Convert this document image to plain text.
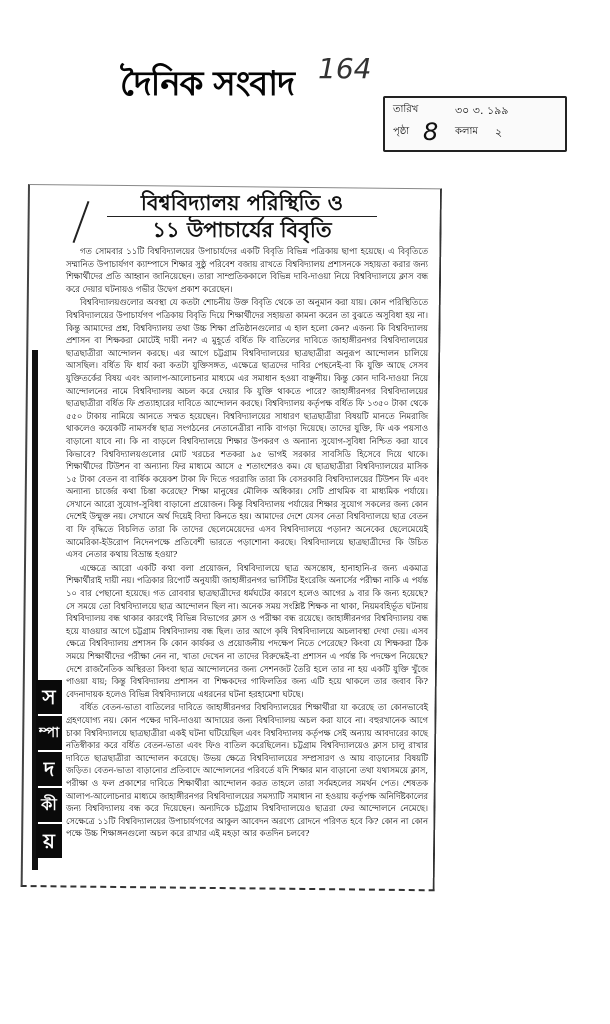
দৈনিক সংবাদ 164
তারিখ	৩০ ৩. ১৯৯
পৃষ্ঠা 8 কলাম ২
বিশ্ববিদ্যালয় পরিস্থিতি ও
১১ উপাচার্যের বিবৃতি
স
ম্পা
দ
কী
য়

গত সোমবার ১১টি বিশ্ববিদ্যালয়ের উপাচার্যদের একটি বিবৃতি বিভিন্ন পত্রিকায় ছাপা হয়েছে। এ বিবৃতিতে সম্মানিত উপাচার্যগণ ক্যাম্পাসে শিক্ষার সুষ্ঠু পরিবেশ বজায় রাখতে বিশ্ববিদ্যালয় প্রশাসনকে সহায়তা করার জন্য শিক্ষার্থীদের প্রতি আহ্বান জানিয়েছেন। তারা সাম্প্রতিককালে বিভিন্ন দাবি-দাওয়া নিয়ে বিশ্ববিদ্যালয়ে ক্লাস বন্ধ করে দেয়ার ঘটনায়ও গভীর উদ্বেগ প্রকাশ করেছেন।

বিশ্ববিদ্যালয়গুলোর অবস্থা যে কতটা শোচনীয় উক্ত বিবৃতি থেকে তা অনুমান করা যায়। কোন পরিস্থিতিতে বিশ্ববিদ্যালয়ের উপাচার্যগণ পত্রিকায় বিবৃতি দিয়ে শিক্ষার্থীদের সহায়তা কামনা করেন তা বুঝতে অসুবিধা হয় না। কিন্তু আমাদের প্রশ্ন, বিশ্ববিদ্যালয় তথা উচ্চ শিক্ষা প্রতিষ্ঠানগুলোর এ হাল হলো কেন? এজন্য কি বিশ্ববিদ্যালয় প্রশাসন বা শিক্ষকরা মোটেই দায়ী নন? এ মুহূর্তে বর্ধিত ফি বাতিলের দাবিতে জাহাঙ্গীরনগর বিশ্ববিদ্যালয়ের ছাত্রছাত্রীরা আন্দোলন করছে। এর আগে চট্টগ্রাম বিশ্ববিদ্যালয়ের ছাত্রছাত্রীরা অনুরূপ আন্দোলন চালিয়ে আসছিল। বর্ধিত ফি ধার্য করা কতটা যুক্তিসঙ্গত, এক্ষেত্রে ছাত্রদের দাবির পেছনেই-বা কি যুক্তি আছে সেসব যুক্তিতর্কের বিষয় এবং আলাপ-আলোচনার মাধ্যমে এর সমাধান হওয়া বাঞ্ছনীয়। কিন্তু কোন দাবি-দাওয়া নিয়ে আন্দোলনের নামে বিশ্ববিদ্যালয় অচল করে দেয়ার কি যুক্তি থাকতে পারে? জাহাঙ্গীরনগর বিশ্ববিদ্যালয়ের ছাত্রছাত্রীরা বর্ধিত ফি প্রত্যাহারের দাবিতে আন্দোলন করছে। বিশ্ববিদ্যালয় কর্তৃপক্ষ বর্ধিত ফি ১৩৫০ টাকা থেকে ৫৫০ টাকায় নামিয়ে আনতে সম্মত হয়েছেন। বিশ্ববিদ্যালয়ের সাধারণ ছাত্রছাত্রীরা বিষয়টি মানতে নিমরাজি থাকলেও কয়েকটি নামসর্বস্ব ছাত্র সংগঠনের নেতানেত্রীরা নাকি বাগড়া দিয়েছে। তাদের যুক্তি, ফি এক পয়সাও বাড়ানো যাবে না। কি না বাড়লে বিশ্ববিদ্যালয়ে শিক্ষার উপকরণ ও অন্যান্য সুযোগ-সুবিধা নিশ্চিত করা যাবে কিভাবে? বিশ্ববিদ্যালয়গুলোর মোট খরচের শতকরা ৯৫ ভাগই সরকার সাবসিডি হিসেবে দিয়ে থাকে। শিক্ষার্থীদের টিউশন বা অন্যান্য ফির মাধ্যমে আসে ৫ শতাংশেরও কম। যে ছাত্রছাত্রীরা বিশ্ববিদ্যালয়ের মাসিক ১৫ টাকা বেতন বা বার্ষিক কয়েকশ টাকা ফি দিতে গররাজি তারা কি বেসরকারি বিশ্ববিদ্যালয়ের টিউশন ফি এবং অন্যান্য চার্জের কথা চিন্তা করেছে? শিক্ষা মানুষের মৌলিক অধিকার। সেটি প্রাথমিক বা মাধ্যমিক পর্যায়ে। সেখানে আরো সুযোগ-সুবিধা বাড়ানো প্রয়োজন। কিন্তু বিশ্ববিদ্যালয় পর্যায়ের শিক্ষার সুযোগ সকলের জন্য কোন দেশেই উন্মুক্ত নয়। সেখানে অর্থ দিয়েই বিদ্যা কিনতে হয়। আমাদের দেশে যেসব নেতা বিশ্ববিদ্যালয়ে ছাত্র বেতন বা ফি বৃদ্ধিতে বিচলিত তারা কি তাদের ছেলেমেয়েদের এসব বিশ্ববিদ্যালয়ে পড়ান? অনেকের ছেলেমেয়েই আমেরিকা-ইউরোপ নিদেনপক্ষে প্রতিবেশী ভারতে পড়াশোনা করছে। বিশ্ববিদ্যালয়ে ছাত্রছাত্রীদের কি উচিত এসব নেতার কথায় বিভ্রান্ত হওয়া?

এক্ষেত্রে আরো একটি কথা বলা প্রয়োজন, বিশ্ববিদ্যালয়ে ছাত্র অসন্তোষ, হানাহানি-র জন্য একমাত্র শিক্ষার্থীরাই দায়ী নয়। পত্রিকার রিপোর্ট অনুযায়ী জাহাঙ্গীরনগর ভার্সিটির ইংরেজি অনার্সের পরীক্ষা নাকি এ পর্যন্ত ১০ বার পেছানো হয়েছে। গত রোববার ছাত্রছাত্রীদের ধর্মঘটের কারণে হলেও আগের ৯ বার কি জন্য হয়েছে? সে সময়ে তো বিশ্ববিদ্যালয়ে ছাত্র আন্দোলন ছিল না। অনেক সময় সংশ্লিষ্ট শিক্ষক না থাকা, নিয়মবহির্ভূত ঘটনায় বিশ্ববিদ্যালয় বন্ধ থাকার কারণেই বিভিন্ন বিভাগের ক্লাস ও পরীক্ষা বন্ধ রয়েছে। জাহাঙ্গীরনগর বিশ্ববিদ্যালয় বন্ধ হয়ে যাওয়ার আগে চট্টগ্রাম বিশ্ববিদ্যালয় বন্ধ ছিল। তার আগে কৃষি বিশ্ববিদ্যালয়ে অচলাবস্থা দেখা দেয়। এসব ক্ষেত্রে বিশ্ববিদ্যালয় প্রশাসন কি কোন কার্যকর ও প্রয়োজনীয় পদক্ষেপ নিতে পেরেছে? কিংবা যে শিক্ষকরা ঠিক সময়ে শিক্ষার্থীদের পরীক্ষা নেন না, খাতা দেখেন না তাদের বিরুদ্ধেই-বা প্রশাসন এ পর্যন্ত কি পদক্ষেপ নিয়েছে? দেশে রাজনৈতিক অস্থিরতা কিংবা ছাত্র আন্দোলনের জন্য সেশনজট তৈরি হলে তার না হয় একটি যুক্তি খুঁজে পাওয়া যায়; কিন্তু বিশ্ববিদ্যালয় প্রশাসন বা শিক্ষকদের গাফিলতির জন্য এটি হয়ে থাকলে তার জবাব কি? বেদনাদায়ক হলেও বিভিন্ন বিশ্ববিদ্যালয়ে এধরনের ঘটনা হরহামেশা ঘটছে।

বর্ধিত বেতন-ভাতা বাতিলের দাবিতে জাহাঙ্গীরনগর বিশ্ববিদ্যালয়ের শিক্ষার্থীরা যা করেছে তা কোনভাবেই গ্রহণযোগ্য নয়। কোন পক্ষের দাবি-দাওয়া আদায়ের জন্য বিশ্ববিদ্যালয় অচল করা যাবে না। বহুরখানেক আগে চাকা বিশ্ববিদ্যালয়ে ছাত্রছাত্রীরা একই ঘটনা ঘটিয়েছিল এবং বিশ্ববিদ্যালয় কর্তৃপক্ষ সেই অন্যায় আবদারের কাছে নতিস্বীকার করে বর্ধিত বেতন-ভাতা এবং ফিও বাতিল করেছিলেন। চট্টগ্রাম বিশ্ববিদ্যালয়েও ক্লাস চালু রাখার দাবিতে ছাত্রছাত্রীরা আন্দোলন করেছে। উভয় ক্ষেত্রে বিশ্ববিদ্যালয়ের সম্প্রসারণ ও আয় বাড়ানোর বিষয়টি জড়িত। বেতন-ভাতা বাড়ানোর প্রতিবাদে আন্দোলনের পরিবর্তে যদি শিক্ষার মান বাড়ানো তথা যথাসময়ে ক্লাস, পরীক্ষা ও ফল প্রকাশের দাবিতে শিক্ষার্থীরা আন্দোলন করত তাহলে তারা সর্বমহলের সমর্থন পেত। শেষতক আলাপ-আলোচনার মাধ্যমে জাহাঙ্গীরনগর বিশ্ববিদ্যালয়ের সমস্যাটি সমাধান না হওয়ায় কর্তৃপক্ষ অনির্দিষ্টকালের জন্য বিশ্ববিদ্যালয় বন্ধ করে দিয়েছেন। অন্যদিকে চট্টগ্রাম বিশ্ববিদ্যালয়েও ছাত্ররা ফের আন্দোলনে নেমেছে। সেক্ষেত্রে ১১টি বিশ্ববিদ্যালয়ের উপাচার্যগণের আকুল আবেদন অরণ্যে রোদনে পরিণত হবে কি? কোন না কোন পক্ষে উচ্চ শিক্ষাঙ্গনগুলো অচল করে রাখার এই মহড়া আর কতদিন চলবে?
